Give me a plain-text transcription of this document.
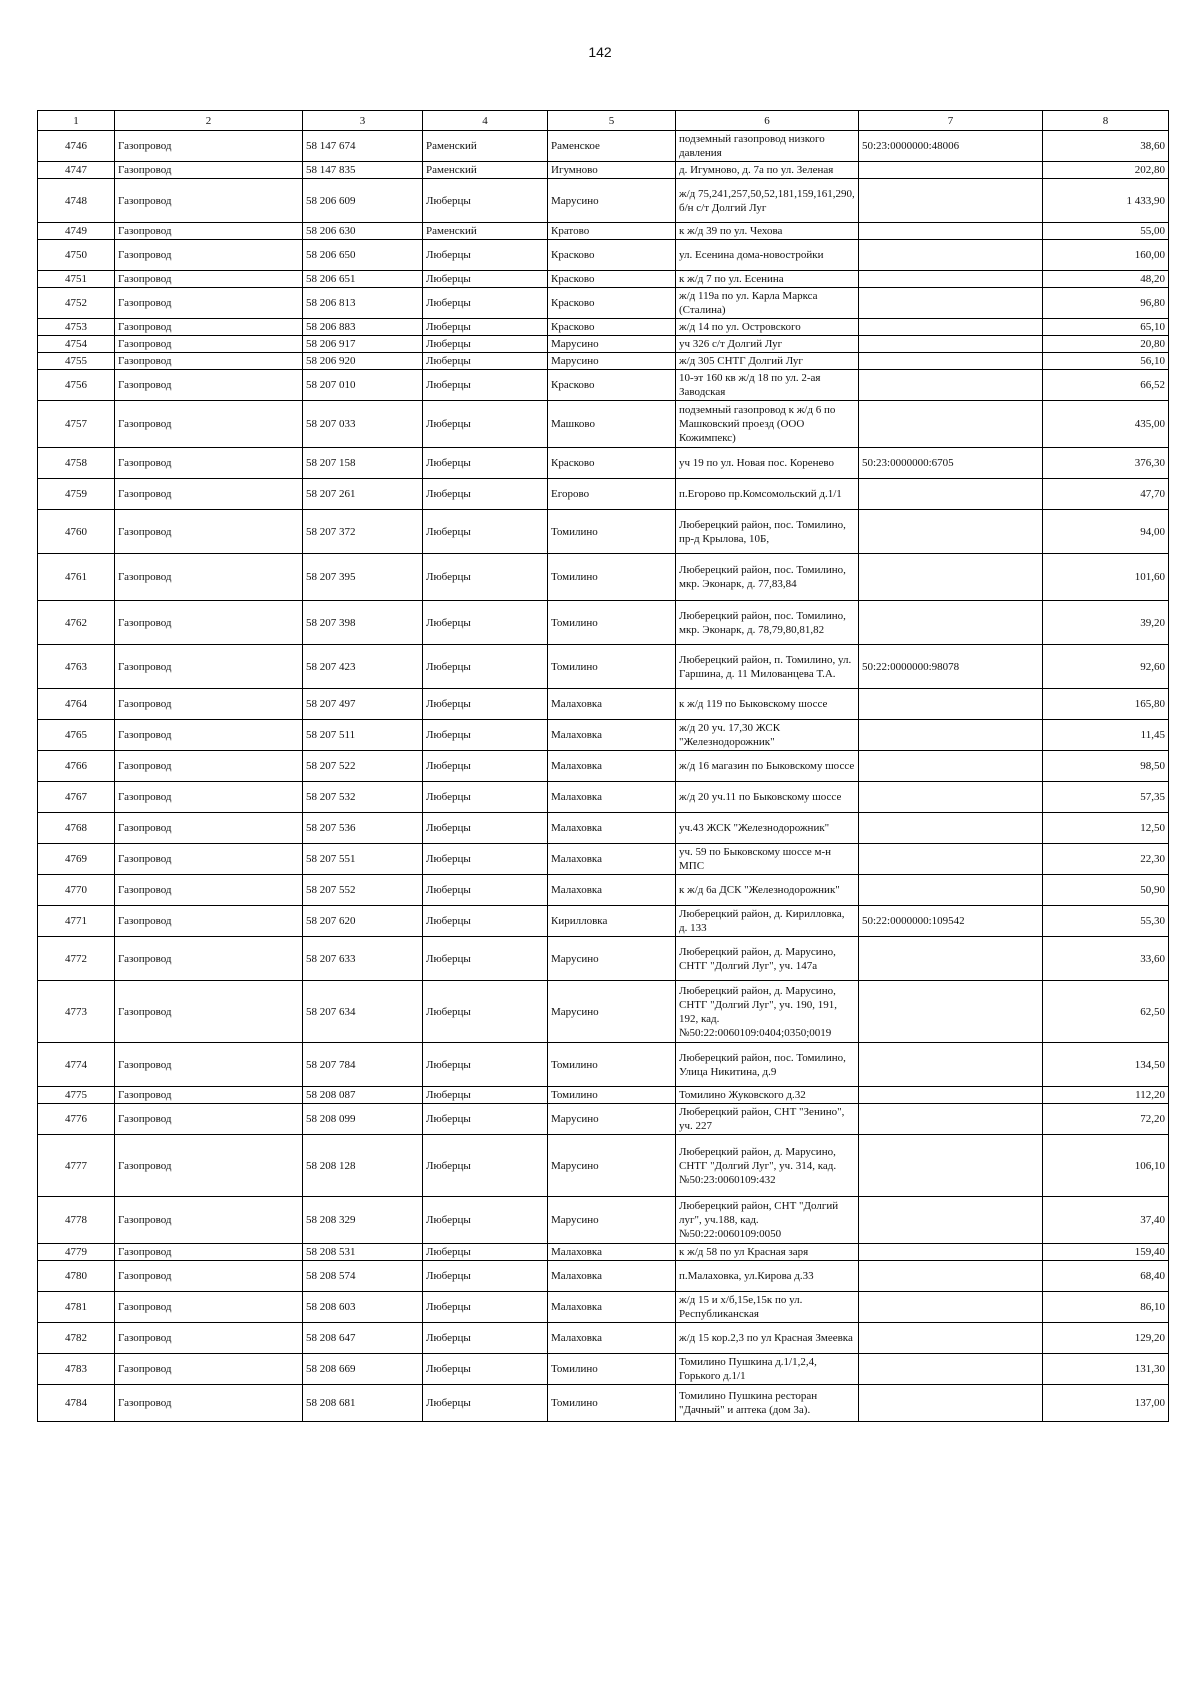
142
1	2	3	4	5	6	7	8
4746	Газопровод	58 147 674	Раменский	Раменское	подземный газопровод низкого давления	50:23:0000000:48006	38,60
4747	Газопровод	58 147 835	Раменский	Игумново	д. Игумново, д. 7а по ул. Зеленая		202,80
4748	Газопровод	58 206 609	Люберцы	Марусино	ж/д 75,241,257,50,52,181,159,161,290, б/н с/т Долгий Луг		1 433,90
4749	Газопровод	58 206 630	Раменский	Кратово	к ж/д 39 по ул. Чехова		55,00
4750	Газопровод	58 206 650	Люберцы	Красково	ул. Есенина дома-новостройки		160,00
4751	Газопровод	58 206 651	Люберцы	Красково	к ж/д 7 по ул. Есенина		48,20
4752	Газопровод	58 206 813	Люберцы	Красково	ж/д 119а по ул. Карла Маркса (Сталина)		96,80
4753	Газопровод	58 206 883	Люберцы	Красково	ж/д 14 по ул. Островского		65,10
4754	Газопровод	58 206 917	Люберцы	Марусино	уч 326 с/т Долгий Луг		20,80
4755	Газопровод	58 206 920	Люберцы	Марусино	ж/д 305 СНТГ Долгий Луг		56,10
4756	Газопровод	58 207 010	Люберцы	Красково	10-эт 160 кв ж/д 18 по ул. 2-ая Заводская		66,52
4757	Газопровод	58 207 033	Люберцы	Машково	подземный газопровод к ж/д 6 по Машковский проезд (ООО Кожимпекс)		435,00
4758	Газопровод	58 207 158	Люберцы	Красково	уч 19 по ул. Новая пос. Коренево	50:23:0000000:6705	376,30
4759	Газопровод	58 207 261	Люберцы	Егорово	п.Егорово пр.Комсомольский д.1/1		47,70
4760	Газопровод	58 207 372	Люберцы	Томилино	Люберецкий район, пос. Томилино, пр-д Крылова, 10Б,		94,00
4761	Газопровод	58 207 395	Люберцы	Томилино	Люберецкий район, пос. Томилино, мкр. Эконарк, д. 77,83,84		101,60
4762	Газопровод	58 207 398	Люберцы	Томилино	Люберецкий район, пос. Томилино, мкр. Эконарк, д. 78,79,80,81,82		39,20
4763	Газопровод	58 207 423	Люберцы	Томилино	Люберецкий район, п. Томилино, ул. Гаршина, д. 11 Милованцева Т.А.	50:22:0000000:98078	92,60
4764	Газопровод	58 207 497	Люберцы	Малаховка	к ж/д 119 по Быковскому шоссе		165,80
4765	Газопровод	58 207 511	Люберцы	Малаховка	ж/д 20 уч. 17,30 ЖСК "Железнодорожник"		11,45
4766	Газопровод	58 207 522	Люберцы	Малаховка	ж/д 16 магазин по Быковскому шоссе		98,50
4767	Газопровод	58 207 532	Люберцы	Малаховка	ж/д 20 уч.11 по Быковскому шоссе		57,35
4768	Газопровод	58 207 536	Люберцы	Малаховка	уч.43 ЖСК "Железнодорожник"		12,50
4769	Газопровод	58 207 551	Люберцы	Малаховка	уч. 59 по Быковскому шоссе м-н МПС		22,30
4770	Газопровод	58 207 552	Люберцы	Малаховка	к ж/д 6а ДСК "Железнодорожник"		50,90
4771	Газопровод	58 207 620	Люберцы	Кирилловка	Люберецкий район, д. Кирилловка, д. 133	50:22:0000000:109542	55,30
4772	Газопровод	58 207 633	Люберцы	Марусино	Люберецкий район, д. Марусино, СНТГ "Долгий Луг", уч. 147а		33,60
4773	Газопровод	58 207 634	Люберцы	Марусино	Люберецкий район, д. Марусино, СНТГ "Долгий Луг", уч. 190, 191, 192, кад. №50:22:0060109:0404;0350;0019		62,50
4774	Газопровод	58 207 784	Люберцы	Томилино	Люберецкий район, пос. Томилино, Улица Никитина, д.9		134,50
4775	Газопровод	58 208 087	Люберцы	Томилино	Томилино Жуковского д.32		112,20
4776	Газопровод	58 208 099	Люберцы	Марусино	Люберецкий район, СНТ "Зенино", уч. 227		72,20
4777	Газопровод	58 208 128	Люберцы	Марусино	Люберецкий район, д. Марусино, СНТГ "Долгий Луг", уч. 314, кад. №50:23:0060109:432		106,10
4778	Газопровод	58 208 329	Люберцы	Марусино	Люберецкий район, СНТ "Долгий луг", уч.188, кад.№50:22:0060109:0050		37,40
4779	Газопровод	58 208 531	Люберцы	Малаховка	к ж/д 58 по ул Красная заря		159,40
4780	Газопровод	58 208 574	Люберцы	Малаховка	п.Малаховка, ул.Кирова д.33		68,40
4781	Газопровод	58 208 603	Люберцы	Малаховка	ж/д 15 и х/б,15е,15к по ул. Республиканская		86,10
4782	Газопровод	58 208 647	Люберцы	Малаховка	ж/д 15 кор.2,3 по ул Красная Змеевка		129,20
4783	Газопровод	58 208 669	Люберцы	Томилино	Томилино Пушкина д.1/1,2,4, Горького д.1/1		131,30
4784	Газопровод	58 208 681	Люберцы	Томилино	Томилино Пушкина ресторан "Дачный" и аптека (дом 3а).		137,00
